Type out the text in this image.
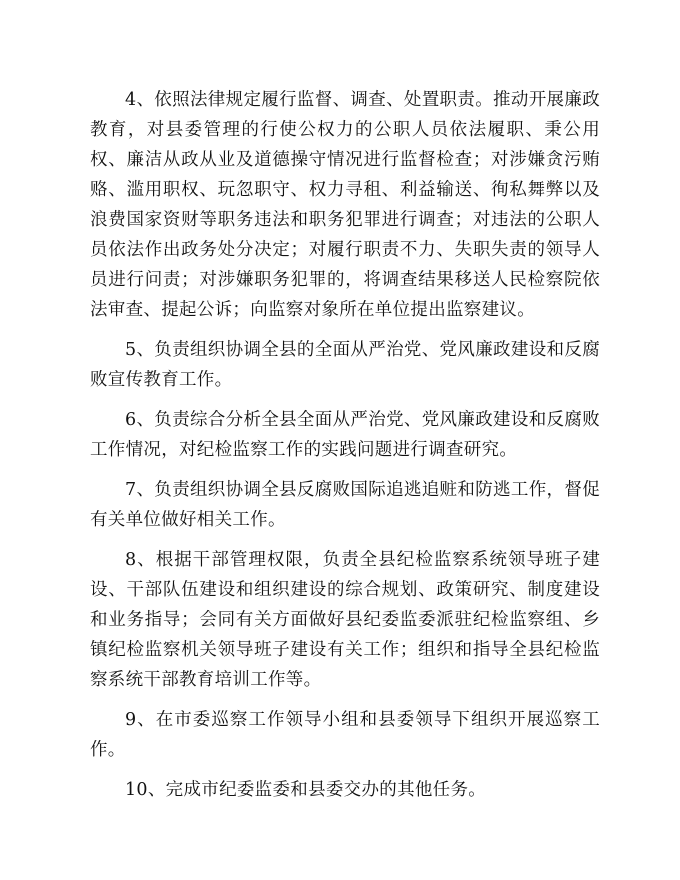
4、依照法律规定履行监督、调查、处置职责。推动开展廉政教育，对县委管理的行使公权力的公职人员依法履职、秉公用权、廉洁从政从业及道德操守情况进行监督检查；对涉嫌贪污贿赂、滥用职权、玩忽职守、权力寻租、利益输送、徇私舞弊以及浪费国家资财等职务违法和职务犯罪进行调查；对违法的公职人员依法作出政务处分决定；对履行职责不力、失职失责的领导人员进行问责；对涉嫌职务犯罪的，将调查结果移送人民检察院依法审查、提起公诉；向监察对象所在单位提出监察建议。

5、负责组织协调全县的全面从严治党、党风廉政建设和反腐败宣传教育工作。

6、负责综合分析全县全面从严治党、党风廉政建设和反腐败工作情况，对纪检监察工作的实践问题进行调查研究。

7、负责组织协调全县反腐败国际追逃追赃和防逃工作，督促有关单位做好相关工作。

8、根据干部管理权限，负责全县纪检监察系统领导班子建设、干部队伍建设和组织建设的综合规划、政策研究、制度建设和业务指导；会同有关方面做好县纪委监委派驻纪检监察组、乡镇纪检监察机关领导班子建设有关工作；组织和指导全县纪检监察系统干部教育培训工作等。

9、在市委巡察工作领导小组和县委领导下组织开展巡察工作。

10、完成市纪委监委和县委交办的其他任务。
